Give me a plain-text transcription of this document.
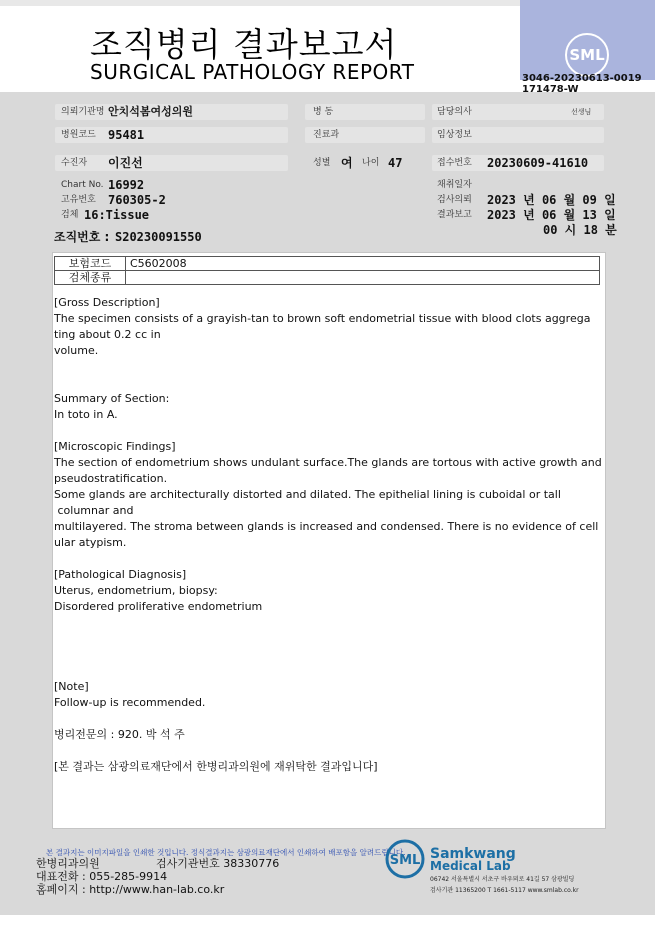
조직병리 결과보고서
SURGICAL PATHOLOGY REPORT
SML
3046-20230613-0019
171478-W
의뢰기관명 안치석봄여성의원	병 동	담당의사	선생님
병원코드 95481	진료과	임상정보
수진자 이진선	성별 여 나이 47	접수번호 20230609-41610
Chart No. 16992
고유번호 760305-2
검체 16:Tissue
채취일자
검사의뢰 2023 년 06 월 09 일
결과보고 2023 년 06 월 13 일
00 시 18 분
조직번호 : S20230091550
보험코드	C5602008
검체종류	
[Gross Description]
The specimen consists of a grayish-tan to brown soft endometrial tissue with blood clots aggrega
ting about 0.2 cc in
volume.
Summary of Section:
In toto in A.
[Microscopic Findings]
The section of endometrium shows undulant surface.The glands are tortous with active growth and
pseudostratification.
Some glands are architecturally distorted and dilated. The epithelial lining is cuboidal or tall
columnar and
multilayered. The stroma between glands is increased and condensed. There is no evidence of cell
ular atypism.
[Pathological Diagnosis]
Uterus, endometrium, biopsy:
Disordered proliferative endometrium
[Note]
Follow-up is recommended.
병리전문의 : 920. 박 석 주
[본 결과는 삼광의료재단에서 한병리과의원에 재위탁한 결과입니다]
본 결과지는 이미지파일을 인쇄한 것입니다. 정식결과지는 삼광의료재단에서 인쇄하여 배포함을 알려드립니다.
한병리과의원	검사기관번호 38330776
대표전화 : 055-285-9914
홈페이지 : http://www.han-lab.co.kr
SML Samkwang
Medical Lab
06742 서울특별시 서초구 바우뫼로 41길 57 삼광빌딩
검사기관 11365200 T 1661-5117 www.smlab.co.kr
